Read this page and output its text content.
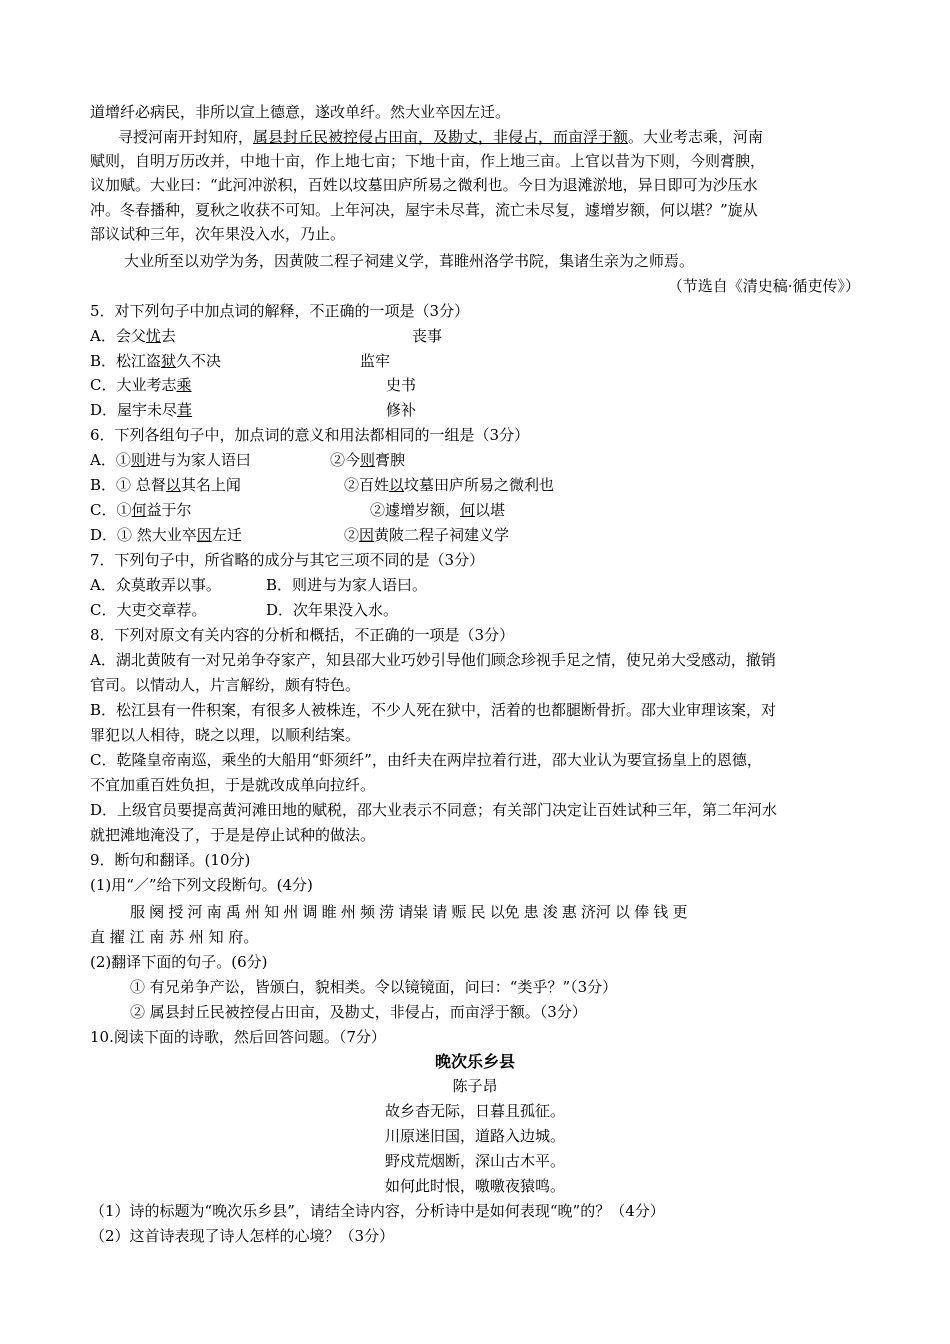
道增纤必病民，非所以宣上德意，遂改单纤。然大业卒因左迁。
寻授河南开封知府，属县封丘民被控侵占田亩，及勘丈，非侵占，而亩浮于额。大业考志乘，河南
赋则，自明万历改并，中地十亩，作上地七亩；下地十亩，作上地三亩。上官以昔为下则，今则膏腴，
议加赋。大业曰：“此河冲淤积，百姓以坟墓田庐所易之微利也。今日为退滩淤地，异日即可为沙压水
冲。冬春播种，夏秋之收获不可知。上年河决，屋宇未尽葺，流亡未尽复，遽增岁额，何以堪？”旋从
部议试种三年，次年果没入水，乃止。
大业所至以劝学为务，因黄陂二程子祠建义学，葺睢州洛学书院，集诸生亲为之师焉。
（节选自《清史稿·循吏传》）
5．对下列句子中加点词的解释，不正确的一项是（3分）
A．会父忧去	丧事
B．松江盗狱久不决	监牢
C．大业考志乘	史书
D．屋宇未尽葺	修补
6．下列各组句子中，加点词的意义和用法都相同的一组是（3分）
A．①则进与为家人语曰	②今则膏腴
B．① 总督以其名上闻	②百姓以坟墓田庐所易之微利也
C．①何益于尔	②遽增岁额，何以堪
D．① 然大业卒因左迁	②因黄陂二程子祠建义学
7．下列句子中，所省略的成分与其它三项不同的是（3分）
A．众莫敢弄以事。	B．则进与为家人语曰。
C．大吏交章荐。	D．次年果没入水。
8．下列对原文有关内容的分析和概括，不正确的一项是（3分）
A．湖北黄陂有一对兄弟争夺家产，知县邵大业巧妙引导他们顾念珍视手足之情，使兄弟大受感动，撤销
官司。以情动人，片言解纷，颇有特色。
B．松江县有一件积案，有很多人被株连，不少人死在狱中，活着的也都腿断骨折。邵大业审理该案，对
罪犯以人相待，晓之以理，以顺利结案。
C．乾隆皇帝南巡，乘坐的大船用“虾须纤”，由纤夫在两岸拉着行进，邵大业认为要宣扬皇上的恩德，
不宜加重百姓负担，于是就改成单向拉纤。
D．上级官员要提高黄河滩田地的赋税，邵大业表示不同意；有关部门决定让百姓试种三年，第二年河水
就把滩地淹没了，于是是停止试种的做法。
9．断句和翻译。(10分)
(1)用“／”给下列文段断句。(4分)
服 阕 授 河 南 禹 州 知 州 调 睢 州 频 涝 请粜 请 赈 民 以免 患 浚 惠 济河 以 俸 钱 更
直 擢 江 南 苏 州 知 府。
(2)翻译下面的句子。(6分)
① 有兄弟争产讼，皆颁白，貌相类。令以镜镜面，问曰：“类乎？”（3分）
② 属县封丘民被控侵占田亩，及勘丈，非侵占，而亩浮于额。（3分）
10.阅读下面的诗歌，然后回答问题。（7分）
晚次乐乡县
陈子昂
故乡杳无际，日暮且孤征。
川原迷旧国，道路入边城。
野戍荒烟断，深山古木平。
如何此时恨，噭噭夜猿鸣。
（1）诗的标题为“晚次乐乡县”，请结全诗内容，分析诗中是如何表现“晚”的？（4分）
（2）这首诗表现了诗人怎样的心境？（3分）
